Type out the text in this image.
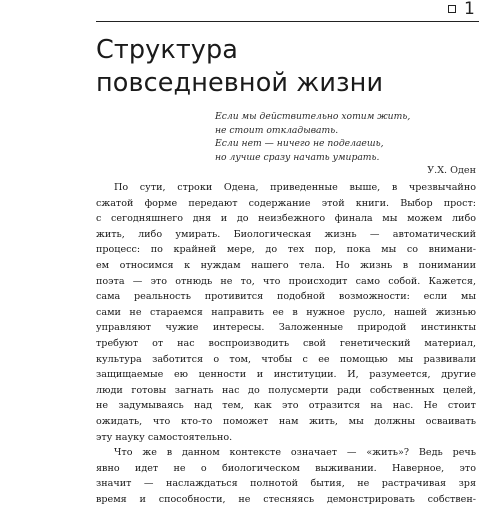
1
Структура
повседневной жизни
Если мы действительно хотим жить,
не стоит откладывать.
Если нет — ничего не поделаешь,
но лучше сразу начать умирать.
У.Х. Оден

По сути, строки Одена, приведенные выше, в чрезвычайно
сжатой форме передают содержание этой книги. Выбор прост:
с сегодняшнего дня и до неизбежного финала мы можем либо
жить, либо умирать. Биологическая жизнь — автоматический
процесс: по крайней мере, до тех пор, пока мы со внимани-
ем относимся к нуждам нашего тела. Но жизнь в понимании
поэта — это отнюдь не то, что происходит само собой. Кажется,
сама реальность противится подобной возможности: если мы
сами не стараемся направить ее в нужное русло, нашей жизнью
управляют чужие интересы. Заложенные природой инстинкты
требуют от нас воспроизводить свой генетический материал,
культура заботится о том, чтобы с ее помощью мы развивали
защищаемые ею ценности и институции. И, разумеется, другие
люди готовы загнать нас до полусмерти ради собственных целей,
не задумываясь над тем, как это отразится на нас. Не стоит
ожидать, что кто-то поможет нам жить, мы должны осваивать
эту науку самостоятельно.

Что же в данном контексте означает — «жить»? Ведь речь
явно идет не о биологическом выживании. Наверное, это
значит — наслаждаться полнотой бытия, не растрачивая зря
время и способности, не стесняясь демонстрировать собствен-
